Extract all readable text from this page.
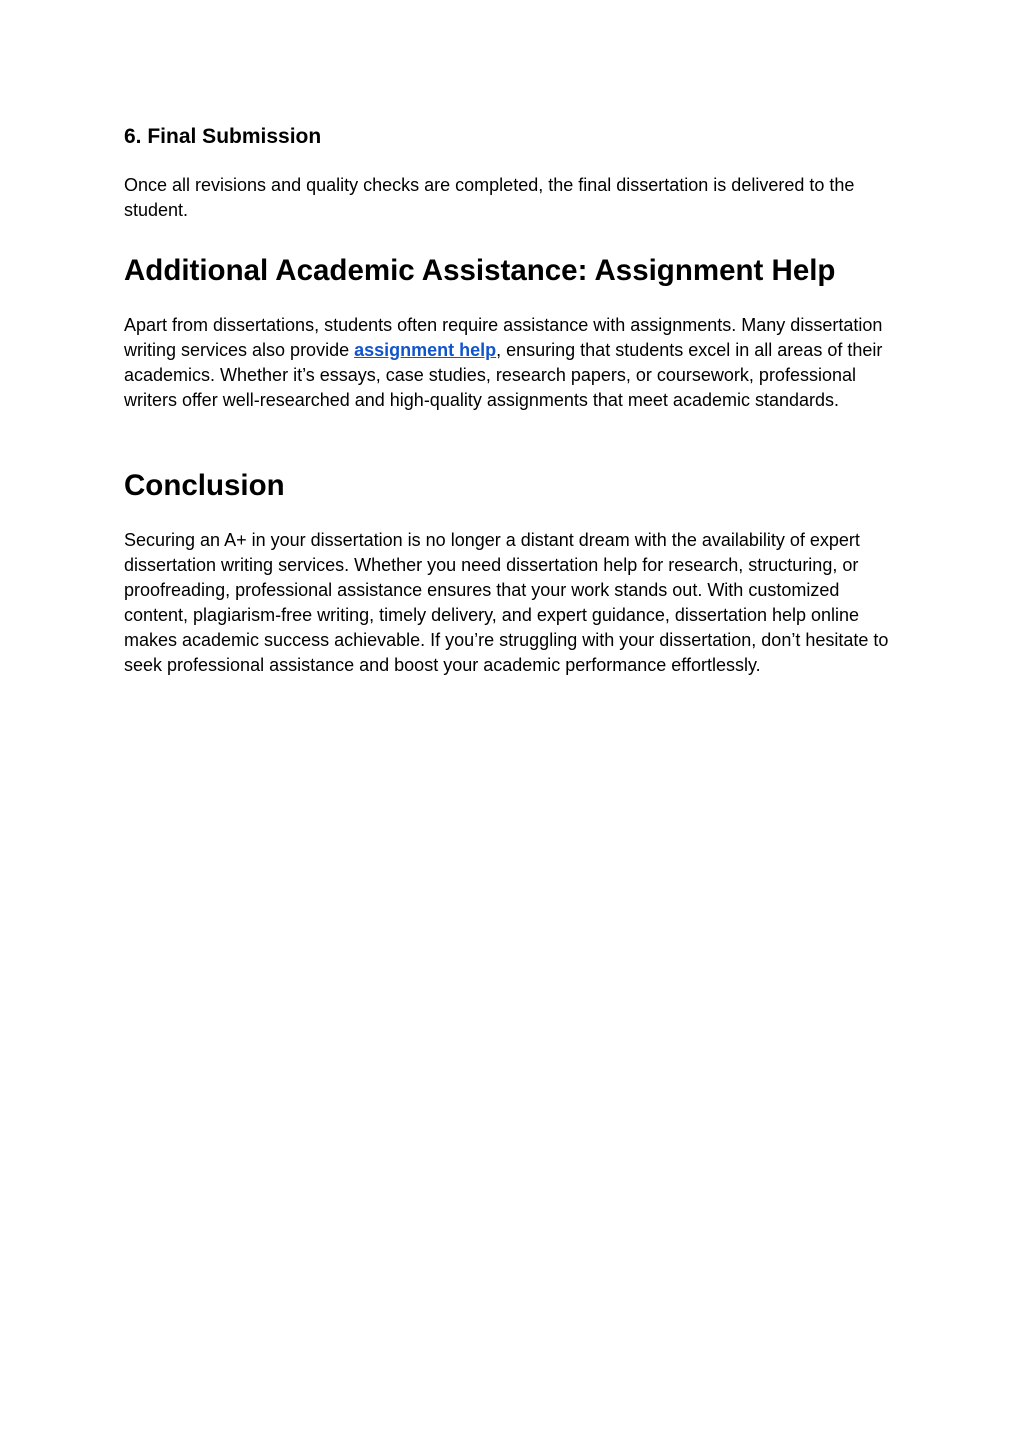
6. Final Submission

Once all revisions and quality checks are completed, the final dissertation is delivered to the student.

Additional Academic Assistance: Assignment Help

Apart from dissertations, students often require assistance with assignments. Many dissertation writing services also provide assignment help, ensuring that students excel in all areas of their academics. Whether it’s essays, case studies, research papers, or coursework, professional writers offer well-researched and high-quality assignments that meet academic standards.

Conclusion

Securing an A+ in your dissertation is no longer a distant dream with the availability of expert dissertation writing services. Whether you need dissertation help for research, structuring, or proofreading, professional assistance ensures that your work stands out. With customized content, plagiarism-free writing, timely delivery, and expert guidance, dissertation help online makes academic success achievable. If you’re struggling with your dissertation, don’t hesitate to seek professional assistance and boost your academic performance effortlessly.
